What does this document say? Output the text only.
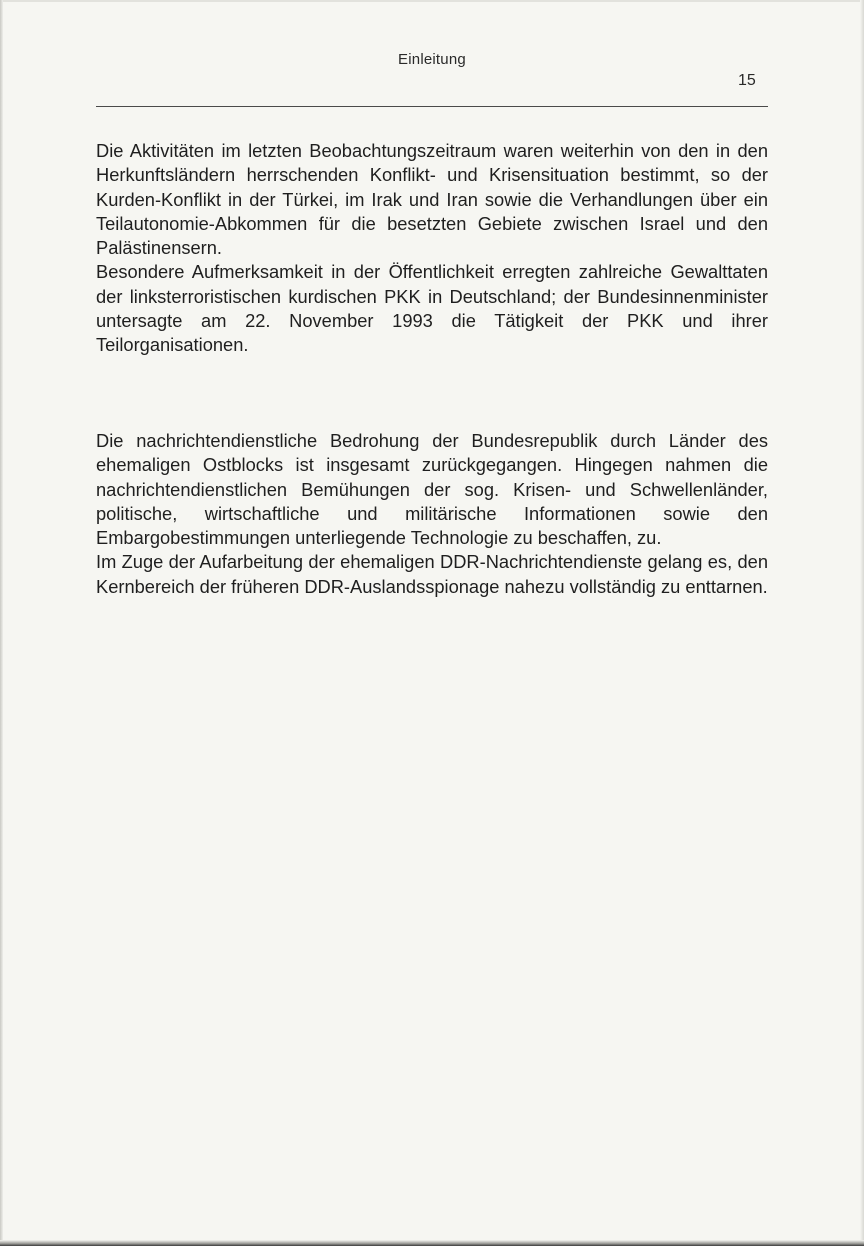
Einleitung
15

Die Aktivitäten im letzten Beobachtungszeitraum waren weiterhin von den in den Herkunftsländern herrschenden Konflikt- und Krisensituation bestimmt, so der Kurden-Konflikt in der Türkei, im Irak und Iran sowie die Verhandlungen über ein Teilautonomie-Abkommen für die besetzten Gebiete zwischen Israel und den Palästinensern.

Besondere Aufmerksamkeit in der Öffentlichkeit erregten zahlreiche Gewalttaten der linksterroristischen kurdischen PKK in Deutschland; der Bundesinnenminister untersagte am 22. November 1993 die Tätigkeit der PKK und ihrer Teilorganisationen.

Die nachrichtendienstliche Bedrohung der Bundesrepublik durch Länder des ehemaligen Ostblocks ist insgesamt zurückgegangen. Hingegen nahmen die nachrichtendienstlichen Bemühungen der sog. Krisen- und Schwellenländer, politische, wirtschaftliche und militärische Informationen sowie den Embargobestimmungen unterliegende Technologie zu beschaffen, zu.

Im Zuge der Aufarbeitung der ehemaligen DDR-Nachrichtendienste gelang es, den Kernbereich der früheren DDR-Auslandsspionage nahezu vollständig zu enttarnen.
